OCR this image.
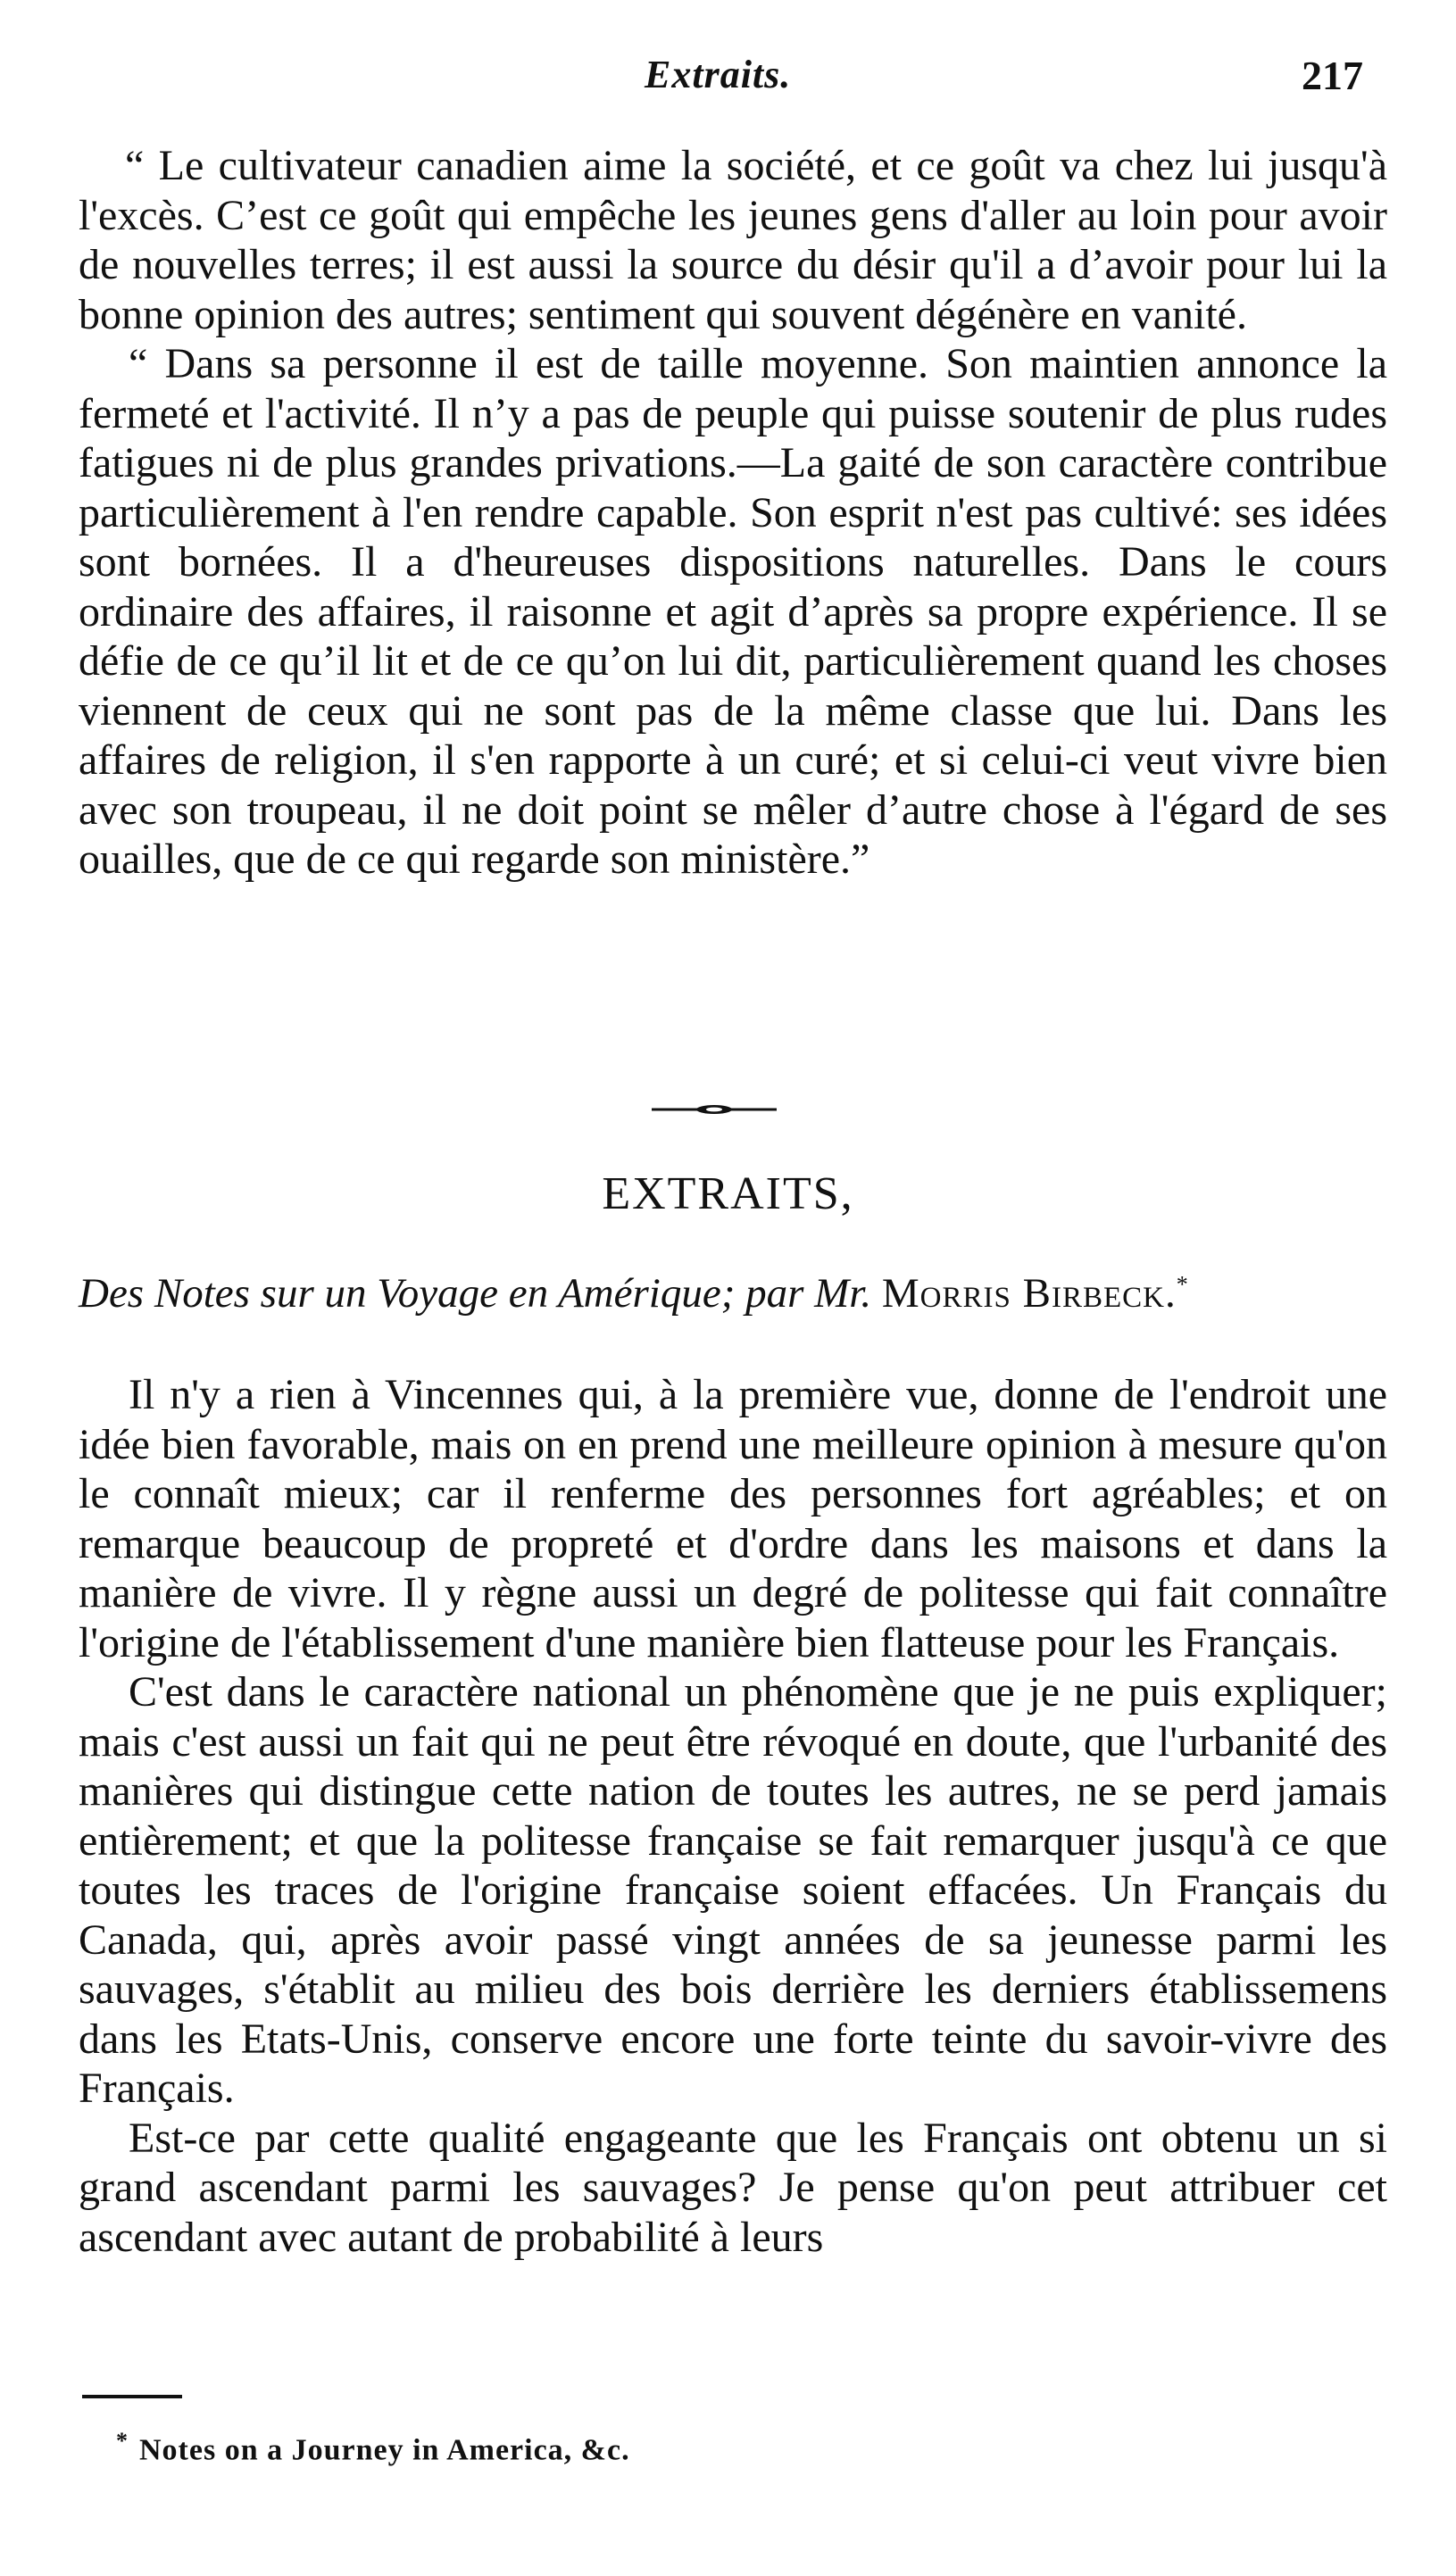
Extraits.	217

“ Le cultivateur canadien aime la société, et ce goût va chez lui jusqu'à l'excès. C’est ce goût qui empêche les jeunes gens d'aller au loin pour avoir de nouvelles terres; il est aussi la source du désir qu'il a d’avoir pour lui la bonne opinion des autres; sentiment qui souvent dégénère en vanité.

“ Dans sa personne il est de taille moyenne. Son maintien annonce la fermeté et l'activité. Il n’y a pas de peuple qui puisse soutenir de plus rudes fatigues ni de plus grandes privations.—La gaité de son caractère contribue particulièrement à l'en rendre capable. Son esprit n'est pas cultivé: ses idées sont bornées. Il a d'heureuses dispositions naturelles. Dans le cours ordinaire des affaires, il raisonne et agit d’après sa propre expérience. Il se défie de ce qu’il lit et de ce qu’on lui dit, particulièrement quand les choses viennent de ceux qui ne sont pas de la même classe que lui. Dans les affaires de religion, il s'en rapporte à un curé; et si celui-ci veut vivre bien avec son troupeau, il ne doit point se mêler d’autre chose à l'égard de ses ouailles, que de ce qui regarde son ministère.”

EXTRAITS,
Des Notes sur un Voyage en Amérique; par Mr. Morris Birbeck.*

Il n'y a rien à Vincennes qui, à la première vue, donne de l'endroit une idée bien favorable, mais on en prend une meilleure opinion à mesure qu'on le connaît mieux; car il renferme des personnes fort agréables; et on remarque beaucoup de propreté et d'ordre dans les maisons et dans la manière de vivre. Il y règne aussi un degré de politesse qui fait connaître l'origine de l'établissement d'une manière bien flatteuse pour les Français.

C'est dans le caractère national un phénomène que je ne puis expliquer; mais c'est aussi un fait qui ne peut être révoqué en doute, que l'urbanité des manières qui distingue cette nation de toutes les autres, ne se perd jamais entièrement; et que la politesse française se fait remarquer jusqu'à ce que toutes les traces de l'origine française soient effacées. Un Français du Canada, qui, après avoir passé vingt années de sa jeunesse parmi les sauvages, s'établit au milieu des bois derrière les derniers établissemens dans les Etats-Unis, conserve encore une forte teinte du savoir-vivre des Français.

Est-ce par cette qualité engageante que les Français ont obtenu un si grand ascendant parmi les sauvages? Je pense qu'on peut attribuer cet ascendant avec autant de probabilité à leurs

* Notes on a Journey in America, &c.
